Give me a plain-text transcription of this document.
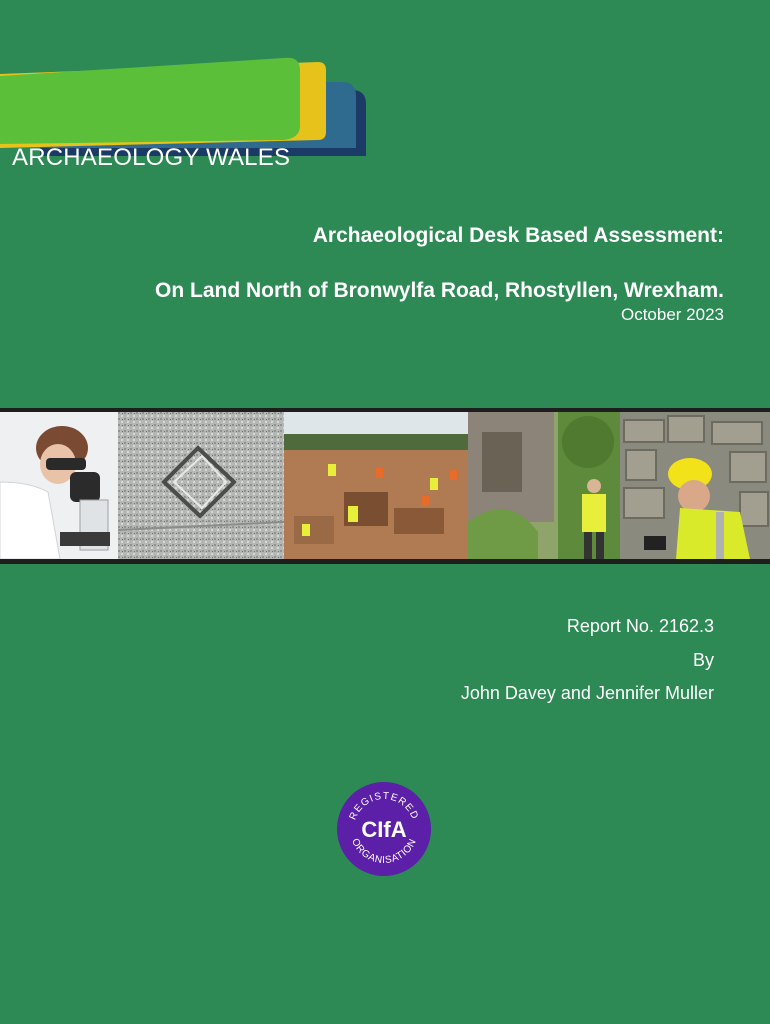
ARCHAEOLOGY WALES
Archaeological Desk Based Assessment:
On Land North of Bronwylfa Road, Rhostyllen, Wrexham.
October 2023
Report No. 2162.3
By
John Davey and Jennifer Muller
REGISTERED
ORGANISATION
CIfA
